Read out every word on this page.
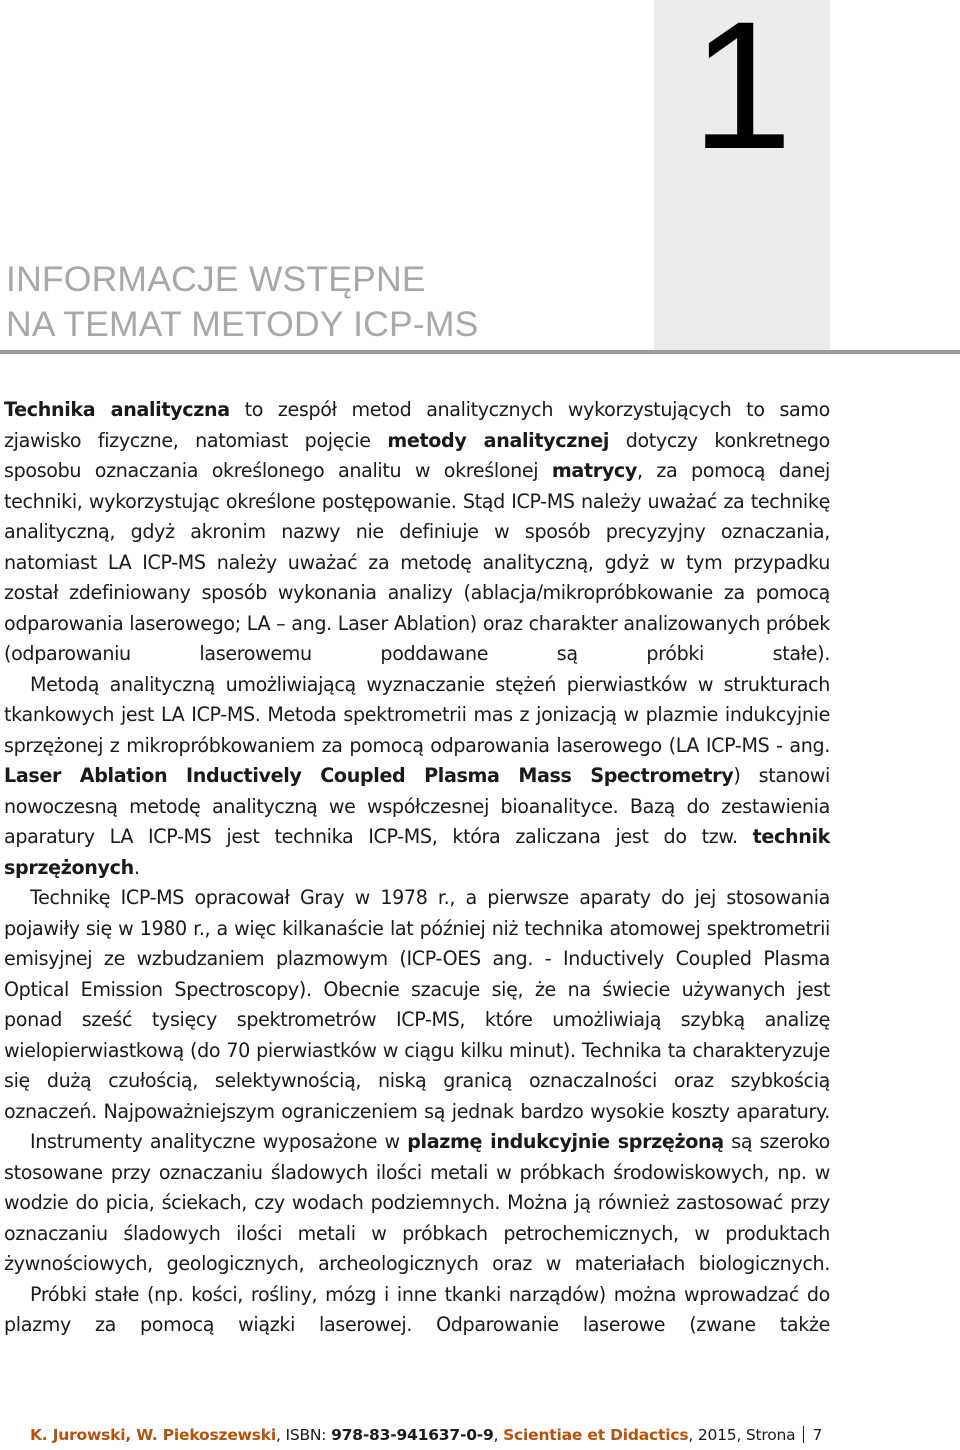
1
INFORMACJE WSTĘPNE
NA TEMAT METODY ICP-MS

Technika analityczna to zespół metod analitycznych wykorzystujących to samo zjawisko fizyczne, natomiast pojęcie metody analitycznej dotyczy konkretnego sposobu oznaczania określonego analitu w określonej matrycy, za pomocą danej techniki, wykorzystując określone postępowanie. Stąd ICP-MS należy uważać za technikę analityczną, gdyż akronim nazwy nie definiuje w sposób precyzyjny oznaczania, natomiast LA ICP-MS należy uważać za metodę analityczną, gdyż w tym przypadku został zdefiniowany sposób wykonania analizy (ablacja/mikropróbkowanie za pomocą odparowania laserowego; LA – ang. Laser Ablation) oraz charakter analizowanych próbek (odparowaniu laserowemu poddawane są próbki stałe).

Metodą analityczną umożliwiającą wyznaczanie stężeń pierwiastków w strukturach tkankowych jest LA ICP-MS. Metoda spektrometrii mas z jonizacją w plazmie indukcyjnie sprzężonej z mikropróbkowaniem za pomocą odparowania laserowego (LA ICP-MS - ang. Laser Ablation Inductively Coupled Plasma Mass Spectrometry) stanowi nowoczesną metodę analityczną we współczesnej bioanalityce. Bazą do zestawienia aparatury LA ICP-MS jest technika ICP-MS, która zaliczana jest do tzw. technik sprzężonych.

Technikę ICP-MS opracował Gray w 1978 r., a pierwsze aparaty do jej stosowania pojawiły się w 1980 r., a więc kilkanaście lat później niż technika atomowej spektrometrii emisyjnej ze wzbudzaniem plazmowym (ICP-OES ang. - Inductively Coupled Plasma Optical Emission Spectroscopy). Obecnie szacuje się, że na świecie używanych jest ponad sześć tysięcy spektrometrów ICP-MS, które umożliwiają szybką analizę wielopierwiastkową (do 70 pierwiastków w ciągu kilku minut). Technika ta charakteryzuje się dużą czułością, selektywnością, niską granicą oznaczalności oraz szybkością oznaczeń. Najpoważniejszym ograniczeniem są jednak bardzo wysokie koszty aparatury.

Instrumenty analityczne wyposażone w plazmę indukcyjnie sprzężoną są szeroko stosowane przy oznaczaniu śladowych ilości metali w próbkach środowiskowych, np. w wodzie do picia, ściekach, czy wodach podziemnych. Można ją również zastosować przy oznaczaniu śladowych ilości metali w próbkach petrochemicznych, w produktach żywnościowych, geologicznych, archeologicznych oraz w materiałach biologicznych.

Próbki stałe (np. kości, rośliny, mózg i inne tkanki narządów) można wprowadzać do plazmy za pomocą wiązki laserowej. Odparowanie laserowe (zwane także

K. Jurowski, W. Piekoszewski, ISBN: 978-83-941637-0-9, Scientiae et Didactics, 2015, Strona 7
